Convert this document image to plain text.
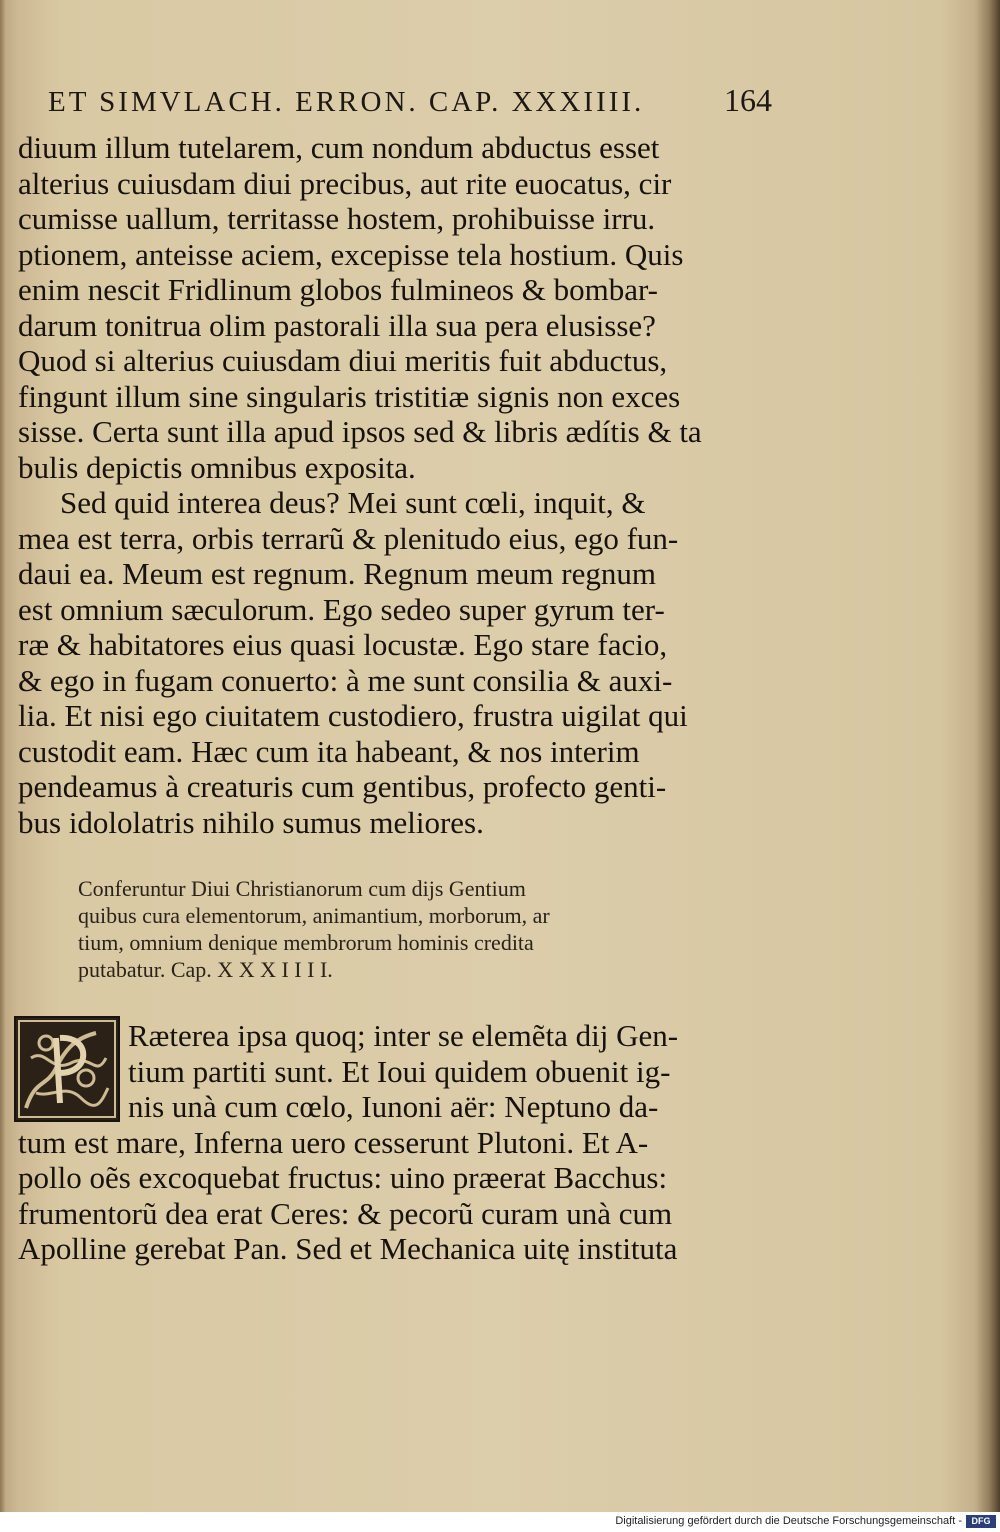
ET SIMVLACH. ERRON. CAP. XXXIIII. 164
diuum illum tutelarem, cum nondum abductus esset
alterius cuiusdam diui precibus, aut rite euocatus, cir
cumisse uallum, territasse hostem, prohibuisse irru.
ptionem, anteisse aciem, excepisse tela hostium. Quis
enim nescit Fridlinum globos fulmineos & bombar-
darum tonitrua olim pastorali illa sua pera elusisse?
Quod si alterius cuiusdam diui meritis fuit abductus,
fingunt illum sine singularis tristitiæ signis non exces
sisse. Certa sunt illa apud ipsos sed & libris ædítis & ta
bulis depictis omnibus exposita.
Sed quid interea deus? Mei sunt cœli, inquit, &
mea est terra, orbis terrarũ & plenitudo eius, ego fun-
daui ea. Meum est regnum. Regnum meum regnum
est omnium sæculorum. Ego sedeo super gyrum ter-
ræ & habitatores eius quasi locustæ. Ego stare facio,
& ego in fugam conuerto: à me sunt consilia & auxi-
lia. Et nisi ego ciuitatem custodiero, frustra uigilat qui
custodit eam. Hæc cum ita habeant, & nos interim
pendeamus à creaturis cum gentibus, profecto genti-
bus idololatris nihilo sumus meliores.
Conferuntur Diui Christianorum cum dijs Gentium
quibus cura elementorum, animantium, morborum, ar
tium, omnium denique membrorum hominis credita
putabatur. Cap. X X X I I I I.
Ræterea ipsa quoq; inter se elemẽta dij Gen-
tium partiti sunt. Et Ioui quidem obuenit ig-
nis unà cum cœlo, Iunoni aër: Neptuno da-
tum est mare, Inferna uero cesserunt Plutoni. Et A-
pollo oẽs excoquebat fructus: uino præerat Bacchus:
frumentorũ dea erat Ceres: & pecorũ curam unà cum
Apolline gerebat Pan. Sed et Mechanica uitę instituta
Digitalisierung gefördert durch die Deutsche Forschungsgemeinschaft -	DFG
